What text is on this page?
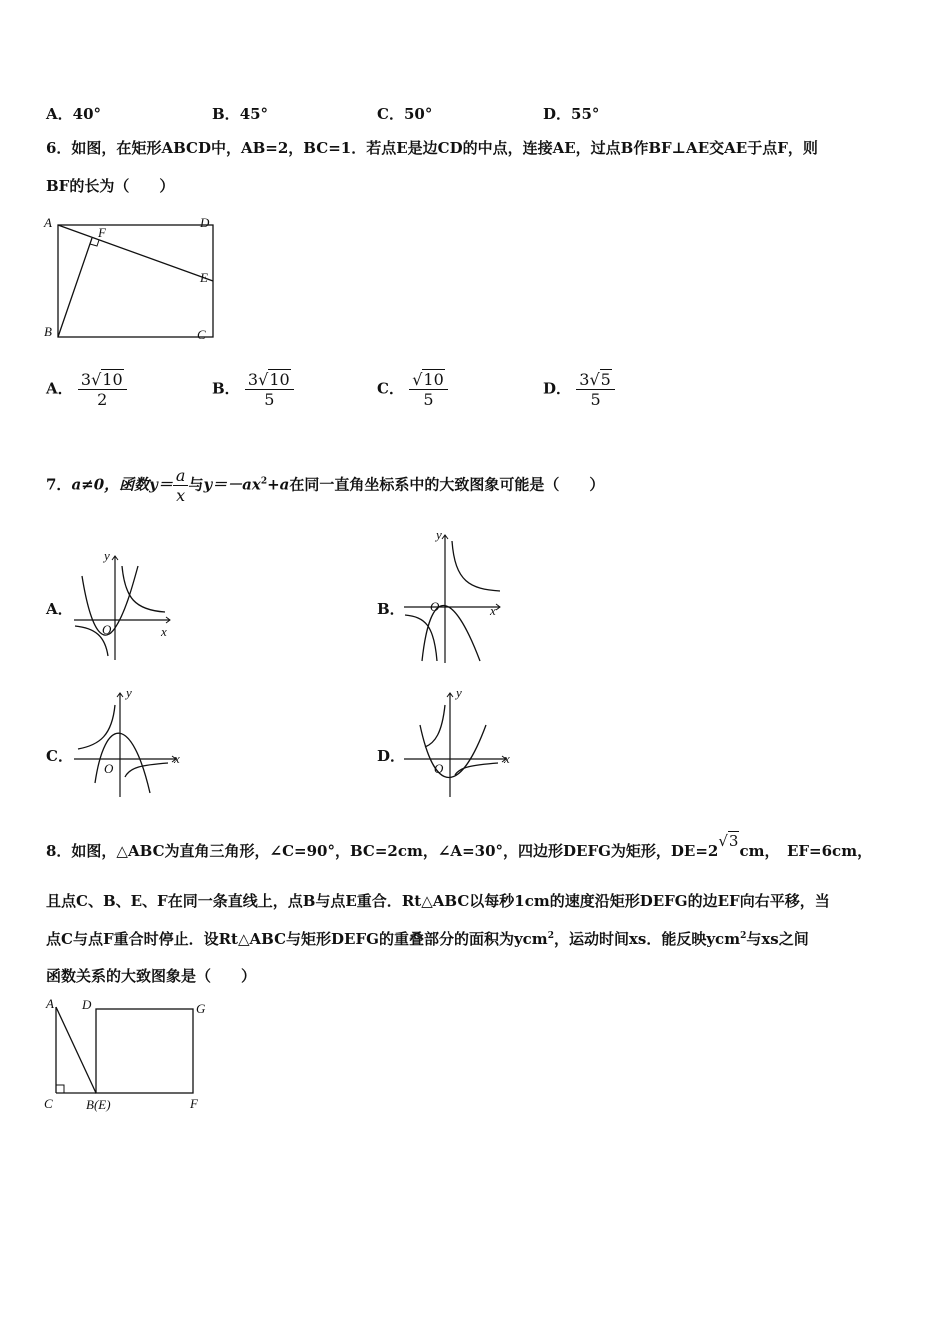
A．40°	B．45°	C．50°	D．55°
6．如图，在矩形ABCD中，AB=2，BC=1．若点E是边CD的中点，连接AE，过点B作BF⊥AE交AE于点F，则
BF的长为（　　）
A
F
D
E
B	C
A． $\frac{3√10}{2}$	B． $\frac{3√10}{5}$	C． $\frac{√10}{5}$	D． $\frac{3√5}{5}$
7．a≠0，函数$y= \frac{a}{x}$ 与$y=-ax^2+a$在同一直角坐标系中的大致图象可能是（　　）
A．
y
x
O
B．
y
x
O
C．
y
x
O
D．
y
x
O
8．如图，△ABC为直角三角形，∠C=90°，BC=2cm，∠A=30°，四边形DEFG为矩形，DE=2√3cm，　EF=6cm，
且点C、B、E、F在同一条直线上，点B与点E重合．Rt△ABC以每秒1cm的速度沿矩形DEFG的边EF向右平移，当
点C与点F重合时停止．设Rt△ABC与矩形DEFG的重叠部分的面积为ycm$^2$，运动时间xs．能反映ycm$^2$与xs之间
函数关系的大致图象是（　　）
A D	G
C	B(E)	F
